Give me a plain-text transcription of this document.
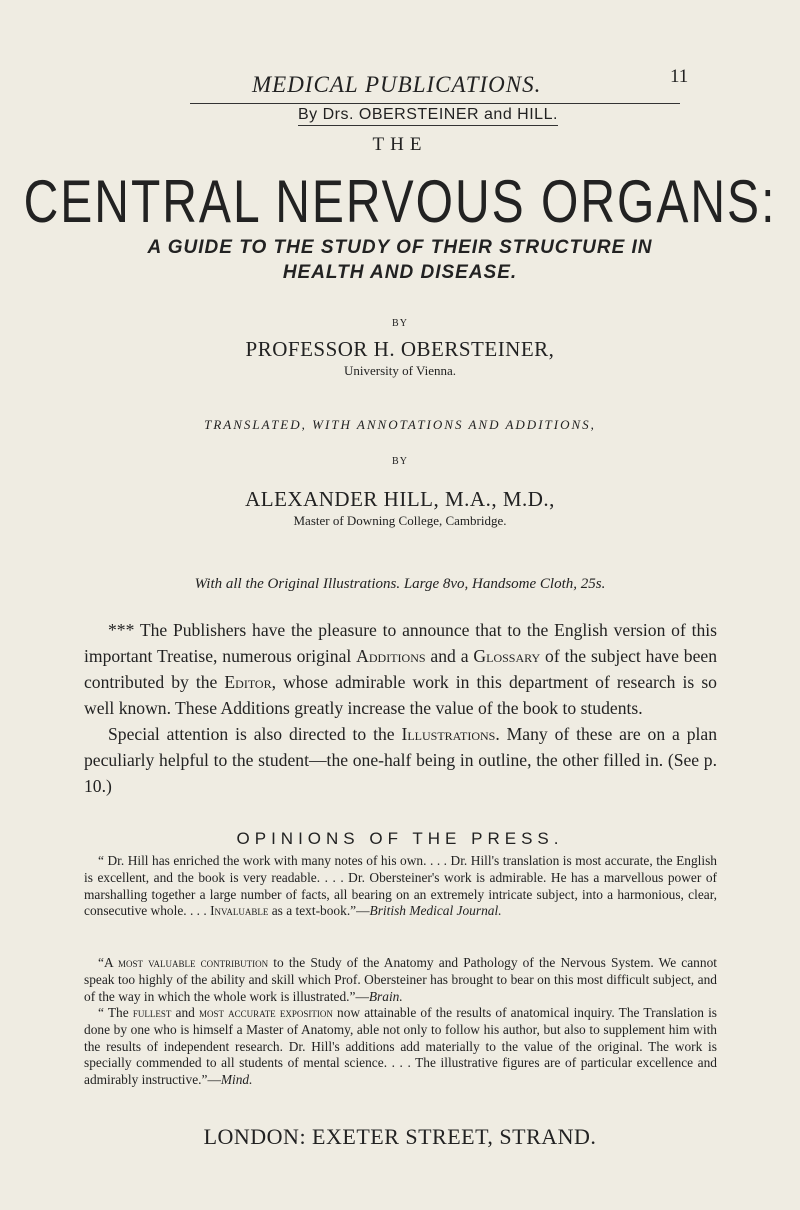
MEDICAL PUBLICATIONS.	11
By Drs. OBERSTEINER and HILL.
THE
CENTRAL NERVOUS ORGANS:
A GUIDE TO THE STUDY OF THEIR STRUCTURE IN
HEALTH AND DISEASE.
BY
PROFESSOR H. OBERSTEINER,
University of Vienna.
TRANSLATED, WITH ANNOTATIONS AND ADDITIONS,
BY
ALEXANDER HILL, M.A., M.D.,
Master of Downing College, Cambridge.
With all the Original Illustrations. Large 8vo, Handsome Cloth, 25s.
*** The Publishers have the pleasure to announce that to the English version of this important Treatise, numerous original Additions and a Glossary of the subject have been contributed by the Editor, whose admirable work in this department of research is so well known. These Additions greatly increase the value of the book to students.
Special attention is also directed to the Illustrations. Many of these are on a plan peculiarly helpful to the student—the one-half being in outline, the other filled in. (See p. 10.)
OPINIONS OF THE PRESS.
“ Dr. Hill has enriched the work with many notes of his own. . . . Dr. Hill's translation is most accurate, the English is excellent, and the book is very readable. . . . Dr. Obersteiner's work is admirable. He has a marvellous power of marshalling together a large number of facts, all bearing on an extremely intricate subject, into a harmonious, clear, consecutive whole. . . . Invaluable as a text-book.”—British Medical Journal.
“A most valuable contribution to the Study of the Anatomy and Pathology of the Nervous System. We cannot speak too highly of the ability and skill which Prof. Obersteiner has brought to bear on this most difficult subject, and of the way in which the whole work is illustrated.”—Brain.
“ The fullest and most accurate exposition now attainable of the results of anatomical inquiry. The Translation is done by one who is himself a Master of Anatomy, able not only to follow his author, but also to supplement him with the results of independent research. Dr. Hill's additions add materially to the value of the original. The work is specially commended to all students of mental science. . . . The illustrative figures are of particular excellence and admirably instructive.”—Mind.
LONDON: EXETER STREET, STRAND.
